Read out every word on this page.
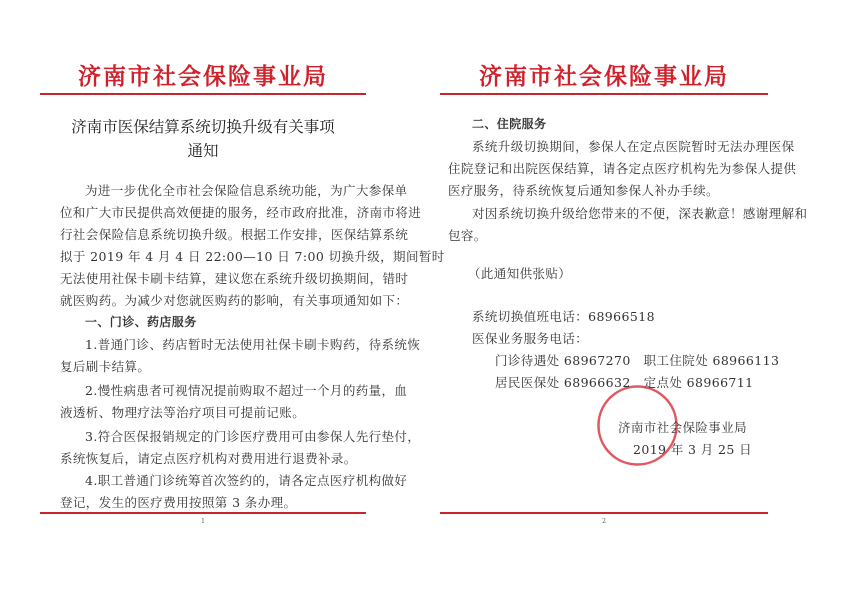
济南市社会保险事业局
济南市医保结算系统切换升级有关事项
通知
为进一步优化全市社会保险信息系统功能，为广大参保单
位和广大市民提供高效便捷的服务，经市政府批准，济南市将进
行社会保险信息系统切换升级。根据工作安排，医保结算系统
拟于 2019 年 4 月 4 日 22:00—10 日 7:00 切换升级，期间暂时
无法使用社保卡刷卡结算，建议您在系统升级切换期间，错时
就医购药。为减少对您就医购药的影响，有关事项通知如下：
一、门诊、药店服务
1.普通门诊、药店暂时无法使用社保卡刷卡购药，待系统恢
复后刷卡结算。
2.慢性病患者可视情况提前购取不超过一个月的药量，血
液透析、物理疗法等治疗项目可提前记账。
3.符合医保报销规定的门诊医疗费用可由参保人先行垫付，
系统恢复后，请定点医疗机构对费用进行退费补录。
4.职工普通门诊统筹首次签约的，请各定点医疗机构做好
登记，发生的医疗费用按照第 3 条办理。
1
济南市社会保险事业局
二、住院服务
系统升级切换期间，参保人在定点医院暂时无法办理医保
住院登记和出院医保结算，请各定点医疗机构先为参保人提供
医疗服务，待系统恢复后通知参保人补办手续。
对因系统切换升级给您带来的不便，深表歉意！感谢理解和
包容。
（此通知供张贴）
系统切换值班电话：68966518
医保业务服务电话：
门诊待遇处 68967270　职工住院处 68966113
居民医保处 68966632　定点处 68966711
济南市社会保险事业局
2019 年 3 月 25 日
2
